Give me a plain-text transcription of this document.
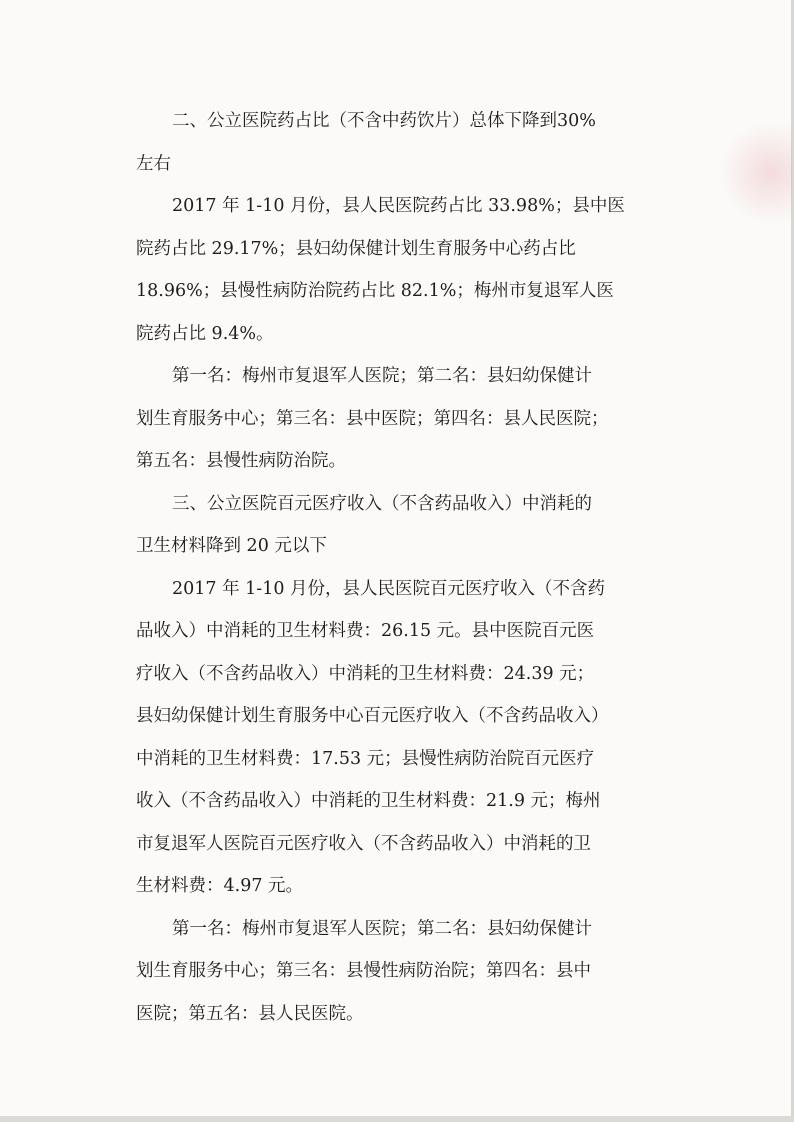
二、公立医院药占比（不含中药饮片）总体下降到30%
左右
2017 年 1-10 月份，县人民医院药占比 33.98%；县中医
院药占比 29.17%；县妇幼保健计划生育服务中心药占比
18.96%；县慢性病防治院药占比 82.1%；梅州市复退军人医
院药占比 9.4%。
第一名：梅州市复退军人医院；第二名：县妇幼保健计
划生育服务中心；第三名：县中医院；第四名：县人民医院；
第五名：县慢性病防治院。
三、公立医院百元医疗收入（不含药品收入）中消耗的
卫生材料降到 20 元以下
2017 年 1-10 月份，县人民医院百元医疗收入（不含药
品收入）中消耗的卫生材料费：26.15 元。县中医院百元医
疗收入（不含药品收入）中消耗的卫生材料费：24.39 元；
县妇幼保健计划生育服务中心百元医疗收入（不含药品收入）
中消耗的卫生材料费：17.53 元；县慢性病防治院百元医疗
收入（不含药品收入）中消耗的卫生材料费：21.9 元；梅州
市复退军人医院百元医疗收入（不含药品收入）中消耗的卫
生材料费：4.97 元。
第一名：梅州市复退军人医院；第二名：县妇幼保健计
划生育服务中心；第三名：县慢性病防治院；第四名：县中
医院；第五名：县人民医院。
